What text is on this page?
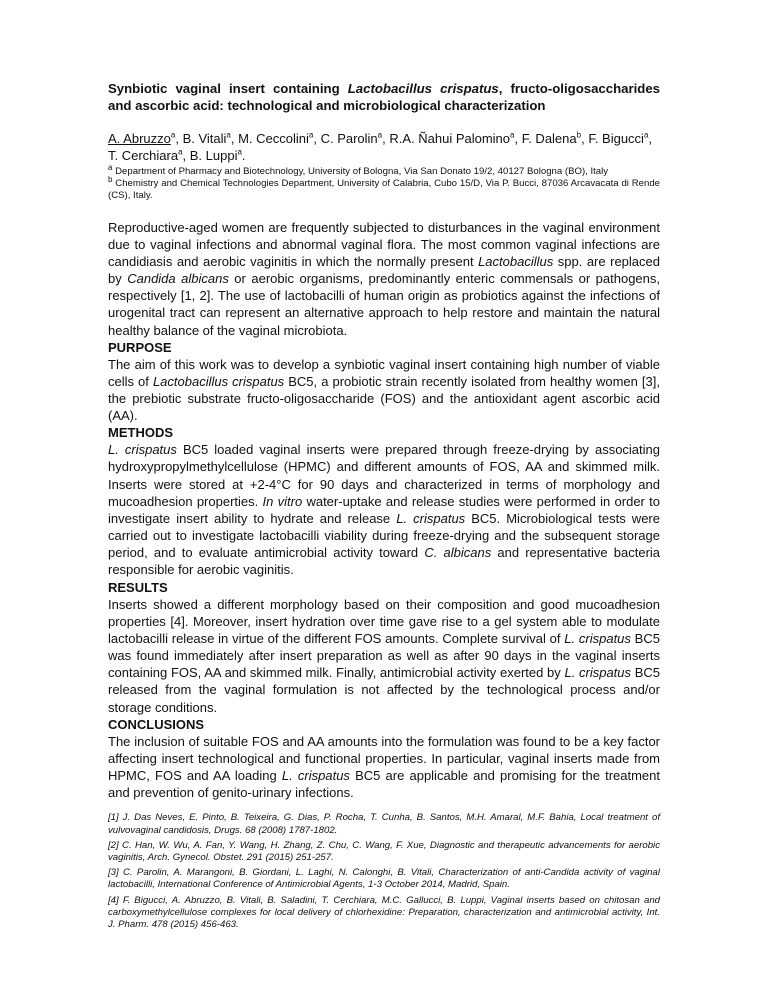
Synbiotic vaginal insert containing Lactobacillus crispatus, fructo-oligosaccharides and ascorbic acid: technological and microbiological characterization

A. Abruzzo$^a$, B. Vitali$^a$, M. Ceccolini$^a$, C. Parolin$^a$, R.A. Ñahui Palomino$^a$, F. Dalena$^b$, F. Bigucci$^a$, T. Cerchiara$^a$, B. Luppi$^a$.
$^a$ Department of Pharmacy and Biotechnology, University of Bologna, Via San Donato 19/2, 40127 Bologna (BO), Italy
$^b$ Chemistry and Chemical Technologies Department, University of Calabria, Cubo 15/D, Via P. Bucci, 87036 Arcavacata di Rende (CS), Italy.

Reproductive-aged women are frequently subjected to disturbances in the vaginal environment due to vaginal infections and abnormal vaginal flora. The most common vaginal infections are candidiasis and aerobic vaginitis in which the normally present Lactobacillus spp. are replaced by Candida albicans or aerobic organisms, predominantly enteric commensals or pathogens, respectively [1, 2]. The use of lactobacilli of human origin as probiotics against the infections of urogenital tract can represent an alternative approach to help restore and maintain the natural healthy balance of the vaginal microbiota.

PURPOSE

The aim of this work was to develop a synbiotic vaginal insert containing high number of viable cells of Lactobacillus crispatus BC5, a probiotic strain recently isolated from healthy women [3], the prebiotic substrate fructo-oligosaccharide (FOS) and the antioxidant agent ascorbic acid (AA).

METHODS

L. crispatus BC5 loaded vaginal inserts were prepared through freeze-drying by associating hydroxypropylmethylcellulose (HPMC) and different amounts of FOS, AA and skimmed milk. Inserts were stored at +2-4°C for 90 days and characterized in terms of morphology and mucoadhesion properties. In vitro water-uptake and release studies were performed in order to investigate insert ability to hydrate and release L. crispatus BC5. Microbiological tests were carried out to investigate lactobacilli viability during freeze-drying and the subsequent storage period, and to evaluate antimicrobial activity toward C. albicans and representative bacteria responsible for aerobic vaginitis.

RESULTS

Inserts showed a different morphology based on their composition and good mucoadhesion properties [4]. Moreover, insert hydration over time gave rise to a gel system able to modulate lactobacilli release in virtue of the different FOS amounts. Complete survival of L. crispatus BC5 was found immediately after insert preparation as well as after 90 days in the vaginal inserts containing FOS, AA and skimmed milk. Finally, antimicrobial activity exerted by L. crispatus BC5 released from the vaginal formulation is not affected by the technological process and/or storage conditions.

CONCLUSIONS

The inclusion of suitable FOS and AA amounts into the formulation was found to be a key factor affecting insert technological and functional properties. In particular, vaginal inserts made from HPMC, FOS and AA loading L. crispatus BC5 are applicable and promising for the treatment and prevention of genito-urinary infections.

[1] J. Das Neves, E. Pinto, B. Teixeira, G. Dias, P. Rocha, T. Cunha, B. Santos, M.H. Amaral, M.F. Bahia, Local treatment of vulvovaginal candidosis, Drugs. 68 (2008) 1787-1802.

[2] C. Han, W. Wu, A. Fan, Y. Wang, H. Zhang, Z. Chu, C. Wang, F. Xue, Diagnostic and therapeutic advancements for aerobic vaginitis, Arch. Gynecol. Obstet. 291 (2015) 251-257.

[3] C. Parolin, A. Marangoni, B. Giordani, L. Laghi, N. Calonghi, B. Vitali, Characterization of anti-Candida activity of vaginal lactobacilli, International Conference of Antimicrobial Agents, 1-3 October 2014, Madrid, Spain.

[4] F. Bigucci, A. Abruzzo, B. Vitali, B. Saladini, T. Cerchiara, M.C. Gallucci, B. Luppi, Vaginal inserts based on chitosan and carboxymethylcellulose complexes for local delivery of chlorhexidine: Preparation, characterization and antimicrobial activity, Int. J. Pharm. 478 (2015) 456-463.
